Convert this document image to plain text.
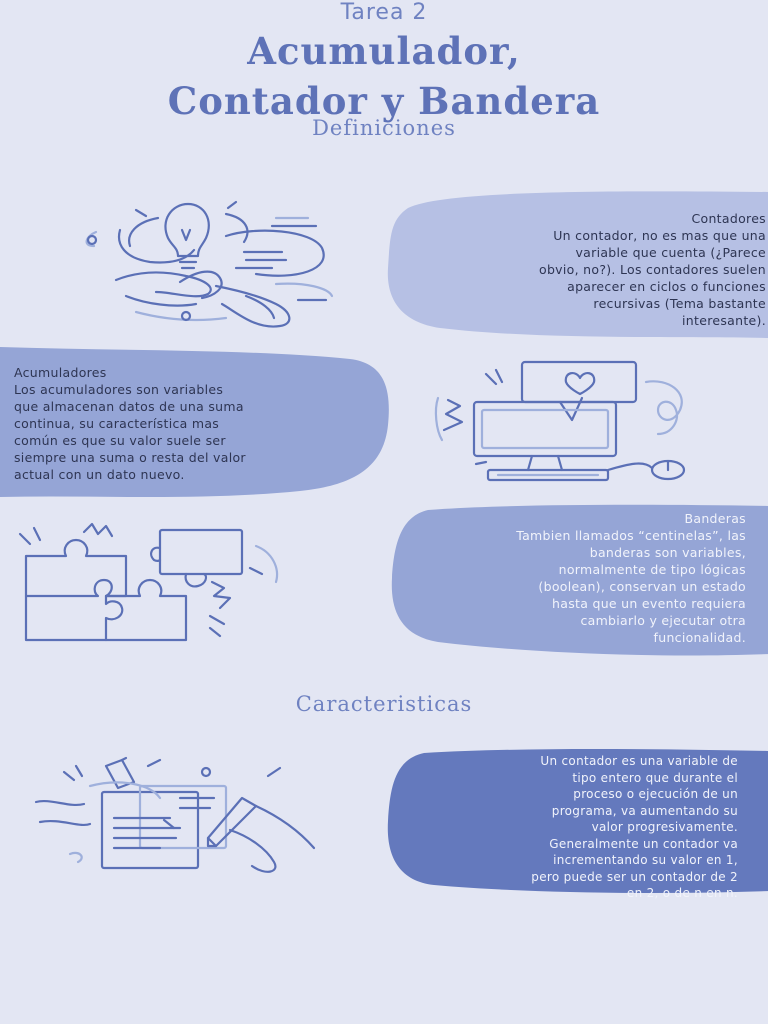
Tarea 2
Acumulador,
Contador y Bandera
Definiciones
Contadores
Un contador, no es mas que una
variable que cuenta (¿Parece
obvio, no?). Los contadores suelen
aparecer en ciclos o funciones
recursivas (Tema bastante
interesante).
Acumuladores
Los acumuladores son variables
que almacenan datos de una suma
continua, su característica mas
común es que su valor suele ser
siempre una suma o resta del valor
actual con un dato nuevo.
Banderas
Tambien llamados “centinelas”, las
banderas son variables,
normalmente de tipo lógicas
(boolean), conservan un estado
hasta que un evento requiera
cambiarlo y ejecutar otra
funcionalidad.
Caracteristicas
Un contador es una variable de
tipo entero que durante el
proceso o ejecución de un
programa, va aumentando su
valor progresivamente.
Generalmente un contador va
incrementando su valor en 1,
pero puede ser un contador de 2
en 2, o de n en n.
